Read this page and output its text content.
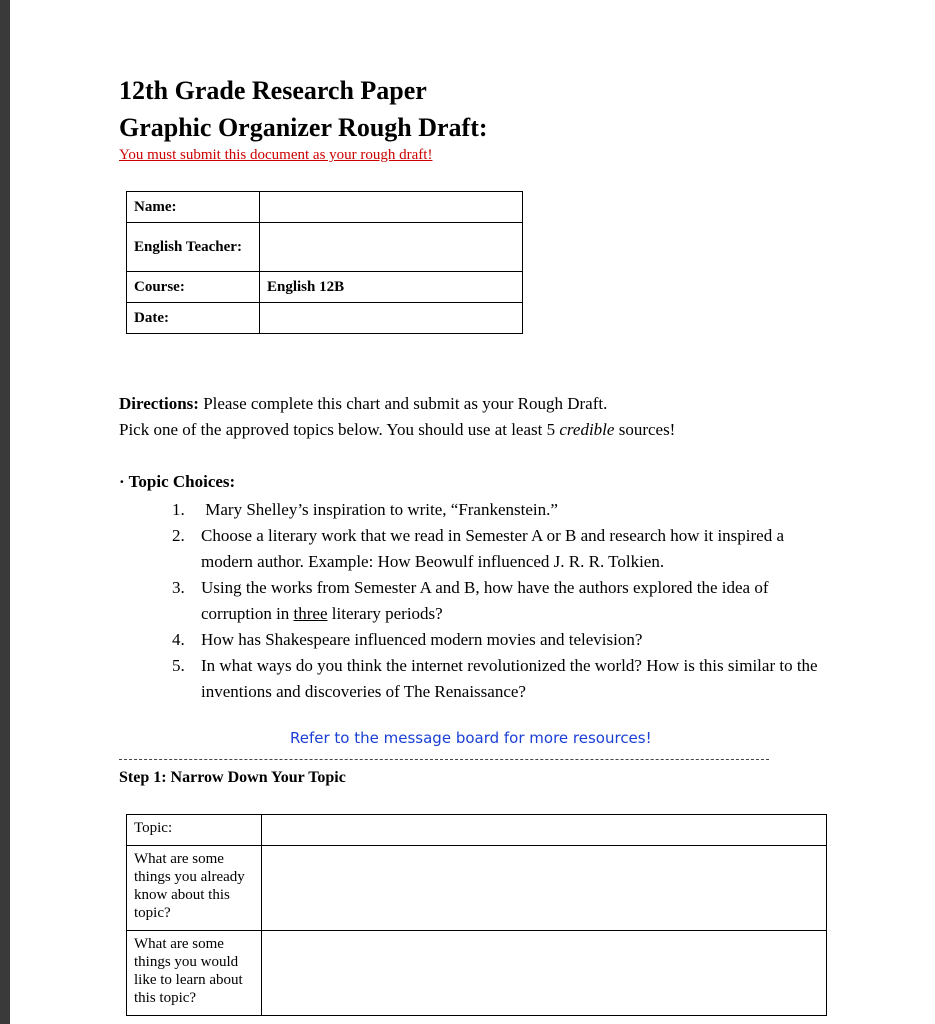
12th Grade Research Paper
Graphic Organizer Rough Draft:
You must submit this document as your rough draft!
Name:	
English Teacher:	
Course:	English 12B
Date:	
Directions: Please complete this chart and submit as your Rough Draft.
Pick one of the approved topics below. You should use at least 5 credible sources!
· Topic Choices:
1. Mary Shelley’s inspiration to write, “Frankenstein.”
2. Choose a literary work that we read in Semester A or B and research how it inspired a modern author. Example: How Beowulf influenced J. R. R. Tolkien.
3. Using the works from Semester A and B, how have the authors explored the idea of corruption in three literary periods?
4. How has Shakespeare influenced modern movies and television?
5. In what ways do you think the internet revolutionized the world? How is this similar to the inventions and discoveries of The Renaissance?
Refer to the message board for more resources!
Step 1: Narrow Down Your Topic
Topic:	
What are some things you already know about this topic?	
What are some things you would like to learn about this topic?	
